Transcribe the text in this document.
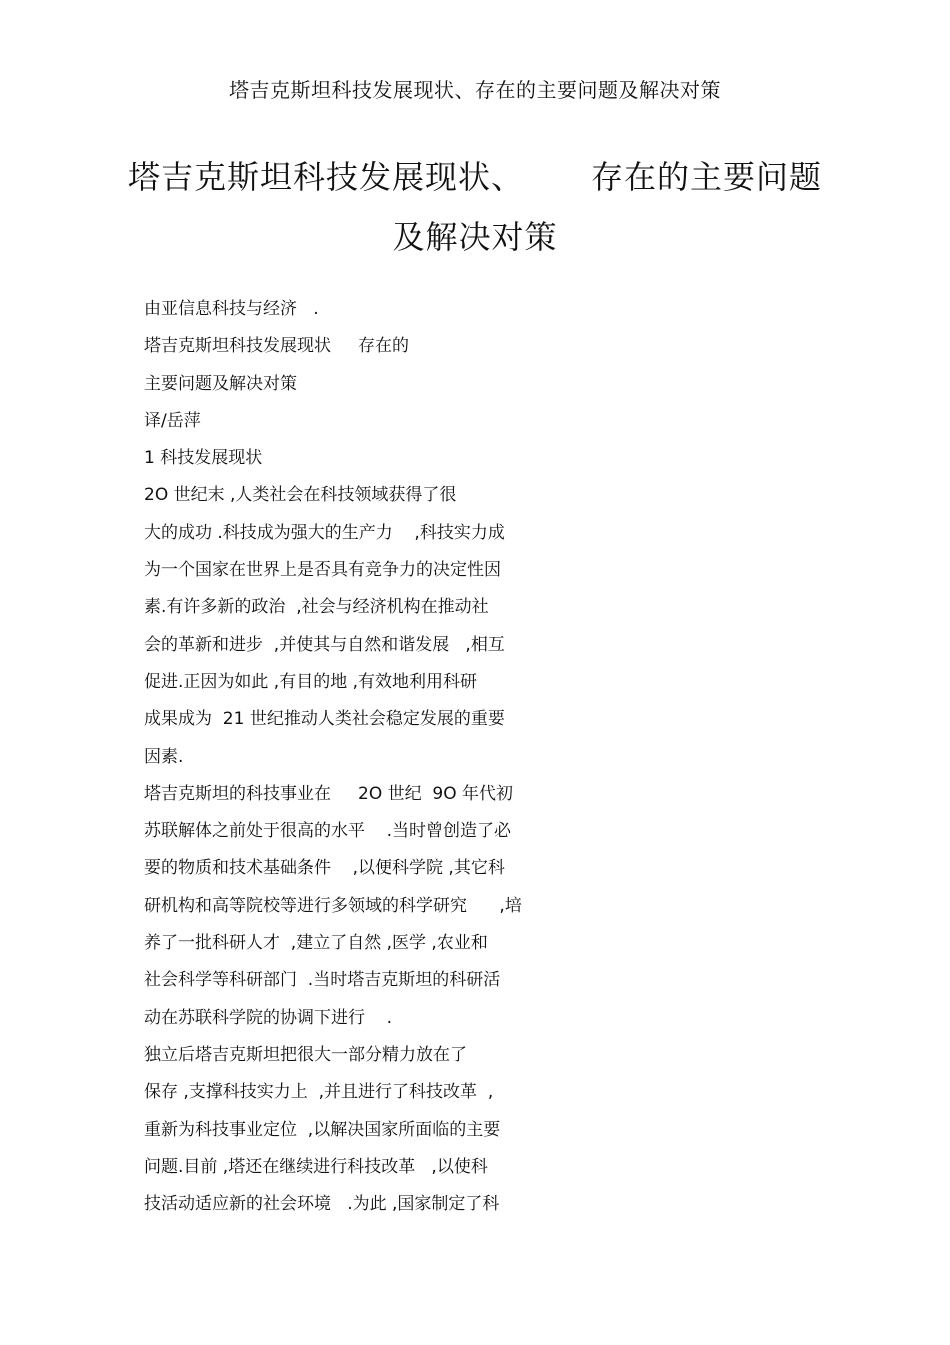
塔吉克斯坦科技发展现状、存在的主要问题及解决对策
塔吉克斯坦科技发展现状、      存在的主要问题
及解决对策
由亚信息科技与经济   .
塔吉克斯坦科技发展现状     存在的
主要问题及解决对策
译/岳萍
1 科技发展现状
2O 世纪末 ,人类社会在科技领域获得了很
大的成功 .科技成为强大的生产力    ,科技实力成
为一个国家在世界上是否具有竞争力的决定性因
素.有许多新的政治  ,社会与经济机构在推动社
会的革新和进步  ,并使其与自然和谐发展   ,相互
促进.正因为如此 ,有目的地 ,有效地利用科研
成果成为  21 世纪推动人类社会稳定发展的重要
因素.
塔吉克斯坦的科技事业在     2O 世纪  9O 年代初
苏联解体之前处于很高的水平    .当时曾创造了必
要的物质和技术基础条件    ,以便科学院 ,其它科
研机构和高等院校等进行多领域的科学研究      ,培
养了一批科研人才  ,建立了自然 ,医学 ,农业和
社会科学等科研部门  .当时塔吉克斯坦的科研活
动在苏联科学院的协调下进行    .
独立后塔吉克斯坦把很大一部分精力放在了
保存 ,支撑科技实力上  ,并且进行了科技改革  ,
重新为科技事业定位  ,以解决国家所面临的主要
问题.目前 ,塔还在继续进行科技改革   ,以使科
技活动适应新的社会环境   .为此 ,国家制定了科
